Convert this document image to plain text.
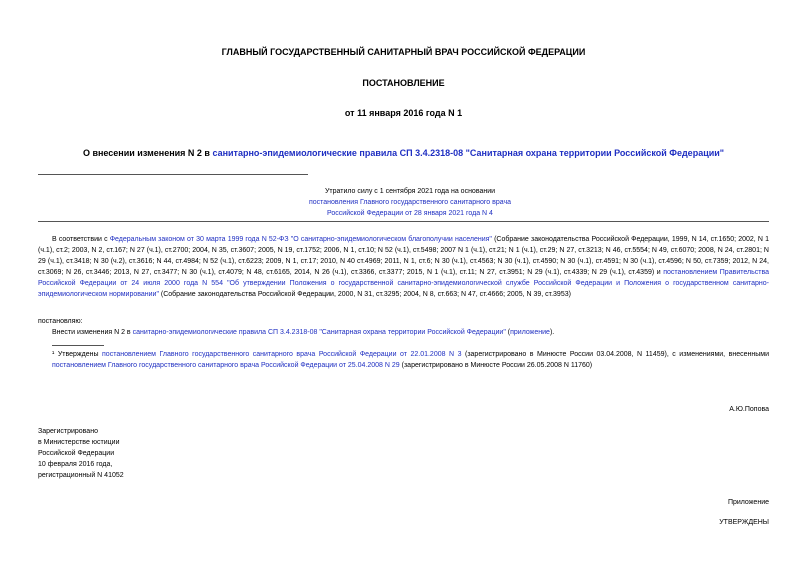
ГЛАВНЫЙ ГОСУДАРСТВЕННЫЙ САНИТАРНЫЙ ВРАЧ РОССИЙСКОЙ ФЕДЕРАЦИИ
ПОСТАНОВЛЕНИЕ
от 11 января 2016 года N 1
О внесении изменения N 2 в санитарно-эпидемиологические правила СП 3.4.2318-08 "Санитарная охрана территории Российской Федерации"
Утратило силу с 1 сентября 2021 года на основании
постановления Главного государственного санитарного врача
Российской Федерации от 28 января 2021 года N 4
В соответствии с Федеральным законом от 30 марта 1999 года N 52-ФЗ "О санитарно-эпидемиологическом благополучии населения" (Собрание законодательства Российской Федерации, 1999, N 14, ст.1650; 2002, N 1 (ч.1), ст.2; 2003, N 2, ст.167; N 27 (ч.1), ст.2700; 2004, N 35, ст.3607; 2005, N 19, ст.1752; 2006, N 1, ст.10; N 52 (ч.1), ст.5498; 2007 N 1 (ч.1), ст.21; N 1 (ч.1), ст.29; N 27, ст.3213; N 46, ст.5554; N 49, ст.6070; 2008, N 24, ст.2801; N 29 (ч.1), ст.3418; N 30 (ч.2), ст.3616; N 44, ст.4984; N 52 (ч.1), ст.6223; 2009, N 1, ст.17; 2010, N 40 ст.4969; 2011, N 1, ст.6; N 30 (ч.1), ст.4563; N 30 (ч.1), ст.4590; N 30 (ч.1), ст.4591; N 30 (ч.1), ст.4596; N 50, ст.7359; 2012, N 24, ст.3069; N 26, ст.3446; 2013, N 27, ст.3477; N 30 (ч.1), ст.4079; N 48, ст.6165, 2014, N 26 (ч.1), ст.3366, ст.3377; 2015, N 1 (ч.1), ст.11; N 27, ст.3951; N 29 (ч.1), ст.4339; N 29 (ч.1), ст.4359) и постановлением Правительства Российской Федерации от 24 июля 2000 года N 554 "Об утверждении Положения о государственной санитарно-эпидемиологической службе Российской Федерации и Положения о государственном санитарно-эпидемиологическом нормировании" (Собрание законодательства Российской Федерации, 2000, N 31, ст.3295; 2004, N 8, ст.663; N 47, ст.4666; 2005, N 39, ст.3953)
постановляю:
Внести изменения N 2 в санитарно-эпидемиологические правила СП 3.4.2318-08 "Санитарная охрана территории Российской Федерации" (приложение).
¹ Утверждены постановлением Главного государственного санитарного врача Российской Федерации от 22.01.2008 N 3 (зарегистрировано в Минюсте России 03.04.2008, N 11459), с изменениями, внесенными постановлением Главного государственного санитарного врача Российской Федерации от 25.04.2008 N 29 (зарегистрировано в Минюсте России 26.05.2008 N 11760)
А.Ю.Попова
Зарегистрировано
в Министерстве юстиции
Российской Федерации
10 февраля 2016 года,
регистрационный N 41052
Приложение
УТВЕРЖДЕНЫ
